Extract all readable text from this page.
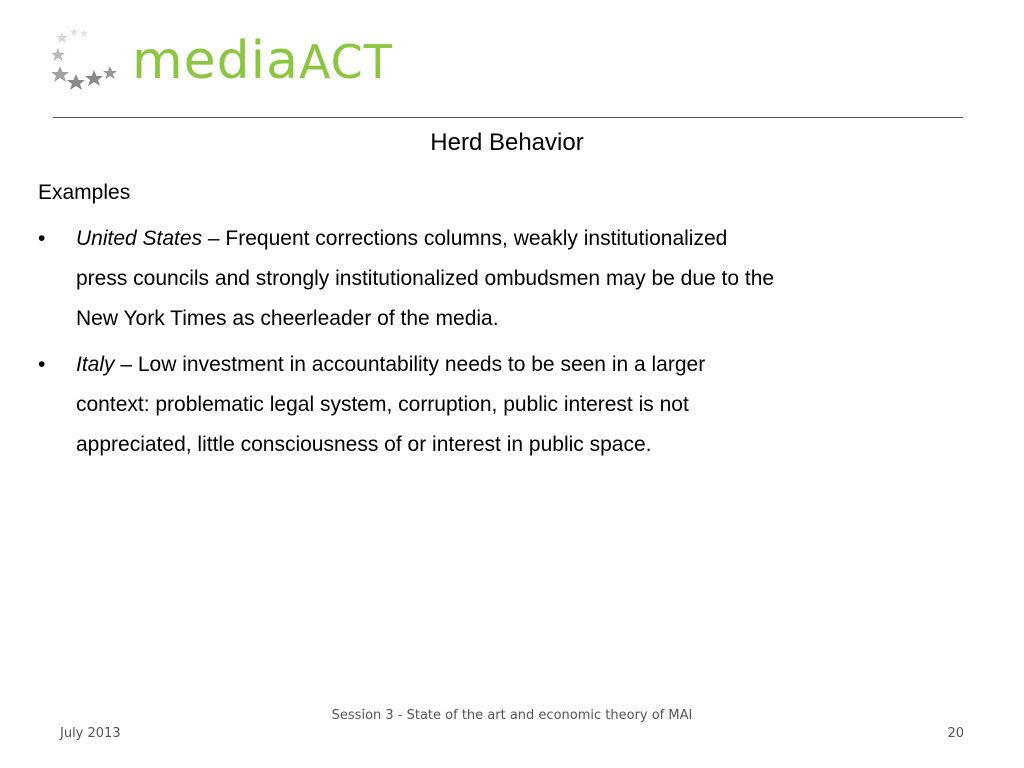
mediaACT
Herd Behavior
Examples
• United States – Frequent corrections columns, weakly institutionalized
press councils and strongly institutionalized ombudsmen may be due to the
New York Times as cheerleader of the media.
• Italy – Low investment in accountability needs to be seen in a larger
context: problematic legal system, corruption, public interest is not
appreciated, little consciousness of or interest in public space.
Session 3 - State of the art and economic theory of MAI
July 2013	20
